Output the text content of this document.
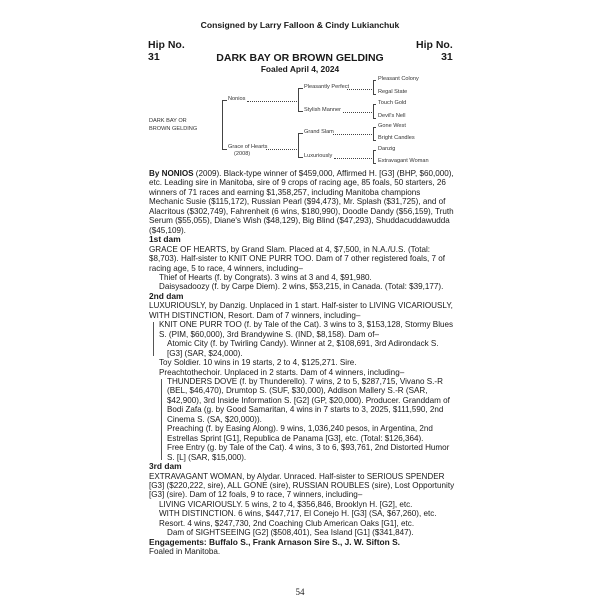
Consigned by Larry Falloon & Cindy Lukianchuk
Hip No.
31
Hip No.
31
DARK BAY OR BROWN GELDING
Foaled April 4, 2024
DARK BAY OR
BROWN GELDING
Nonios
Grace of Hearts
(2008)
Pleasantly Perfect
Stylish Manner
Grand Slam
Luxuriously
Pleasant Colony
Regal State
Touch Gold
Devil's Nell
Gone West
Bright Candles
Danzig
Extravagant Woman

By NONIOS (2009). Black-type winner of $459,000, Affirmed H. [G3] (BHP, $60,000), etc. Leading sire in Manitoba, sire of 9 crops of racing age, 85 foals, 50 starters, 26 winners of 71 races and earning $1,358,257, including Manitoba champions Mechanic Susie ($115,172), Russian Pearl ($94,473), Mr. Splash ($31,725), and of Alacritous ($302,749), Fahrenheit (6 wins, $180,990), Doodle Dandy ($56,159), Truth Serum ($55,055), Diane's Wish ($48,129), Big Blind ($47,293), Shuddacuddawudda ($45,109).

1st dam

GRACE OF HEARTS, by Grand Slam. Placed at 4, $7,500, in N.A./U.S. (Total: $8,703). Half-sister to KNIT ONE PURR TOO. Dam of 7 other registered foals, 7 of racing age, 5 to race, 4 winners, including–

Thief of Hearts (f. by Congrats). 3 wins at 3 and 4, $91,980.

Daisysadoozy (f. by Carpe Diem). 2 wins, $53,215, in Canada. (Total: $39,177).

2nd dam

LUXURIOUSLY, by Danzig. Unplaced in 1 start. Half-sister to LIVING VICARIOUSLY, WITH DISTINCTION, Resort. Dam of 7 winners, including–

KNIT ONE PURR TOO (f. by Tale of the Cat). 3 wins to 3, $153,128, Stormy Blues S. (PIM, $60,000), 3rd Brandywine S. (IND, $8,158). Dam of–

Atomic City (f. by Twirling Candy). Winner at 2, $108,691, 3rd Adirondack S. [G3] (SAR, $24,000).

Toy Soldier. 10 wins in 19 starts, 2 to 4, $125,271. Sire.

Preachtothechoir. Unplaced in 2 starts. Dam of 4 winners, including–

THUNDERS DOVE (f. by Thunderello). 7 wins, 2 to 5, $287,715, Vivano S.-R (BEL, $46,470), Drumtop S. (SUF, $30,000), Addison Mallery S.-R (SAR, $42,900), 3rd Inside Information S. [G2] (GP, $20,000). Producer. Granddam of Bodi Zafa (g. by Good Samaritan, 4 wins in 7 starts to 3, 2025, $111,590, 2nd Cinema S. (SA, $20,000)).

Preaching (f. by Easing Along). 9 wins, 1,036,240 pesos, in Argentina, 2nd Estrellas Sprint [G1], Republica de Panama [G3], etc. (Total: $126,364).

Free Entry (g. by Tale of the Cat). 4 wins, 3 to 6, $93,761, 2nd Distorted Humor S. [L] (SAR, $15,000).

3rd dam

EXTRAVAGANT WOMAN, by Alydar. Unraced. Half-sister to SERIOUS SPENDER [G3] ($220,222, sire), ALL GONE (sire), RUSSIAN ROUBLES (sire), Lost Opportunity [G3] (sire). Dam of 12 foals, 9 to race, 7 winners, including–

LIVING VICARIOUSLY. 5 wins, 2 to 4, $356,846, Brooklyn H. [G2], etc.

WITH DISTINCTION. 6 wins, $447,717, El Conejo H. [G3] (SA, $67,260), etc.

Resort. 4 wins, $247,730, 2nd Coaching Club American Oaks [G1], etc.

Dam of SIGHTSEEING [G2] ($508,401), Sea Island [G1] ($341,847).

Engagements: Buffalo S., Frank Arnason Sire S., J. W. Sifton S.

Foaled in Manitoba.

54
